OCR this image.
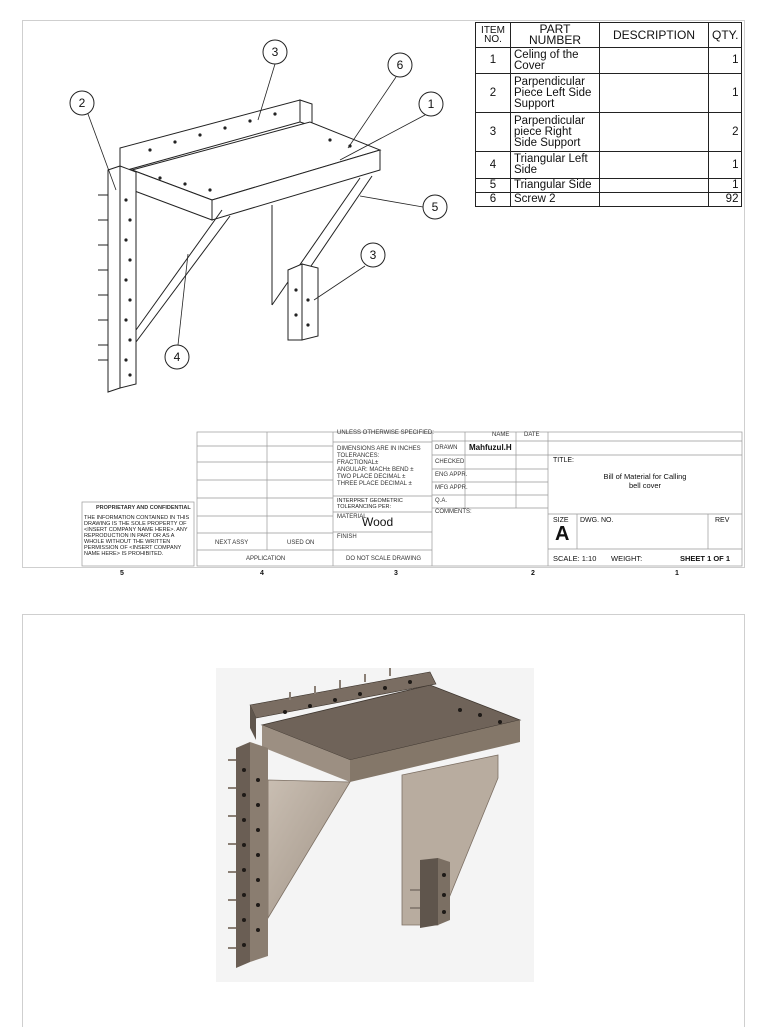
3
6
2	1
5
3
4
ITEM NO.	PART NUMBER	DESCRIPTION	QTY.
1	Celing of the Cover		1
2	Parpendicular Piece Left Side Support		1
3	Parpendicular piece Right Side Support		2
4	Triangular Left Side		1
5	Triangular Side		1
6	Screw 2		92
UNLESS OTHERWISE SPECIFIED:	NAME DATE
DIMENSIONS ARE IN INCHES
TOLERANCES:
FRACTIONAL±
ANGULAR: MACH± BEND ±
TWO PLACE DECIMAL ±
THREE PLACE DECIMAL ±
INTERPRET GEOMETRIC TOLERANCING PER:
MATERIAL
Wood
FINISH
DO NOT SCALE DRAWING
DRAWN Mahfuzul.H
CHECKED
ENG APPR.
MFG APPR.
Q.A.
COMMENTS:
TITLE:
Bill of Material for Calling
bell cover
SIZE
A
DWG. NO.	REV
SCALE: 1:10 WEIGHT:	SHEET 1 OF 1
NEXT ASSY	USED ON
APPLICATION
PROPRIETARY AND CONFIDENTIAL
THE INFORMATION CONTAINED IN THIS DRAWING IS THE SOLE PROPERTY OF <INSERT COMPANY NAME HERE>. ANY REPRODUCTION IN PART OR AS A WHOLE WITHOUT THE WRITTEN PERMISSION OF <INSERT COMPANY NAME HERE> IS PROHIBITED.
5	4	3	2	1
